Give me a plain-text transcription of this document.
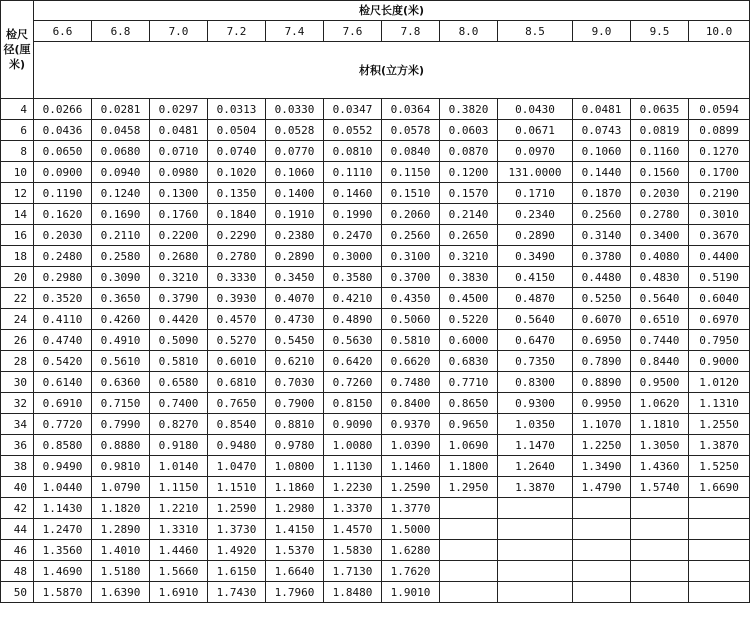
检尺径(厘米)	检尺长度(米)											
	6.6	6.8	7.0	7.2	7.4	7.6	7.8	8.0	8.5	9.0	9.5	10.0
	材积(立方米)											
4	0.0266	0.0281	0.0297	0.0313	0.0330	0.0347	0.0364	0.3820	0.0430	0.0481	0.0635	0.0594
6	0.0436	0.0458	0.0481	0.0504	0.0528	0.0552	0.0578	0.0603	0.0671	0.0743	0.0819	0.0899
8	0.0650	0.0680	0.0710	0.0740	0.0770	0.0810	0.0840	0.0870	0.0970	0.1060	0.1160	0.1270
10	0.0900	0.0940	0.0980	0.1020	0.1060	0.1110	0.1150	0.1200	131.0000	0.1440	0.1560	0.1700
12	0.1190	0.1240	0.1300	0.1350	0.1400	0.1460	0.1510	0.1570	0.1710	0.1870	0.2030	0.2190
14	0.1620	0.1690	0.1760	0.1840	0.1910	0.1990	0.2060	0.2140	0.2340	0.2560	0.2780	0.3010
16	0.2030	0.2110	0.2200	0.2290	0.2380	0.2470	0.2560	0.2650	0.2890	0.3140	0.3400	0.3670
18	0.2480	0.2580	0.2680	0.2780	0.2890	0.3000	0.3100	0.3210	0.3490	0.3780	0.4080	0.4400
20	0.2980	0.3090	0.3210	0.3330	0.3450	0.3580	0.3700	0.3830	0.4150	0.4480	0.4830	0.5190
22	0.3520	0.3650	0.3790	0.3930	0.4070	0.4210	0.4350	0.4500	0.4870	0.5250	0.5640	0.6040
24	0.4110	0.4260	0.4420	0.4570	0.4730	0.4890	0.5060	0.5220	0.5640	0.6070	0.6510	0.6970
26	0.4740	0.4910	0.5090	0.5270	0.5450	0.5630	0.5810	0.6000	0.6470	0.6950	0.7440	0.7950
28	0.5420	0.5610	0.5810	0.6010	0.6210	0.6420	0.6620	0.6830	0.7350	0.7890	0.8440	0.9000
30	0.6140	0.6360	0.6580	0.6810	0.7030	0.7260	0.7480	0.7710	0.8300	0.8890	0.9500	1.0120
32	0.6910	0.7150	0.7400	0.7650	0.7900	0.8150	0.8400	0.8650	0.9300	0.9950	1.0620	1.1310
34	0.7720	0.7990	0.8270	0.8540	0.8810	0.9090	0.9370	0.9650	1.0350	1.1070	1.1810	1.2550
36	0.8580	0.8880	0.9180	0.9480	0.9780	1.0080	1.0390	1.0690	1.1470	1.2250	1.3050	1.3870
38	0.9490	0.9810	1.0140	1.0470	1.0800	1.1130	1.1460	1.1800	1.2640	1.3490	1.4360	1.5250
40	1.0440	1.0790	1.1150	1.1510	1.1860	1.2230	1.2590	1.2950	1.3870	1.4790	1.5740	1.6690
42	1.1430	1.1820	1.2210	1.2590	1.2980	1.3370	1.3770					
44	1.2470	1.2890	1.3310	1.3730	1.4150	1.4570	1.5000					
46	1.3560	1.4010	1.4460	1.4920	1.5370	1.5830	1.6280					
48	1.4690	1.5180	1.5660	1.6150	1.6640	1.7130	1.7620					
50	1.5870	1.6390	1.6910	1.7430	1.7960	1.8480	1.9010					
